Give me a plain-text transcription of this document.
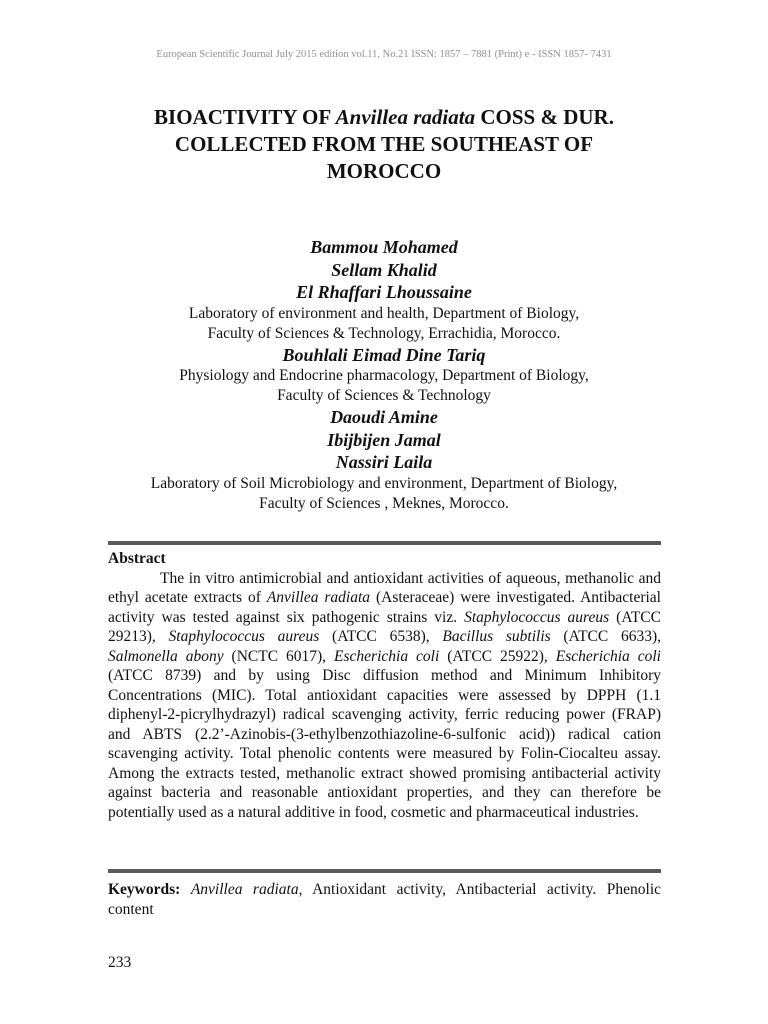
European Scientific Journal July 2015 edition vol.11, No.21 ISSN: 1857 – 7881 (Print) e - ISSN 1857- 7431
BIOACTIVITY OF Anvillea radiata COSS & DUR.
COLLECTED FROM THE SOUTHEAST OF
MOROCCO
Bammou Mohamed
Sellam Khalid
El Rhaffari Lhoussaine
Laboratory of environment and health, Department of Biology,
Faculty of Sciences & Technology, Errachidia, Morocco.
Bouhlali Eimad Dine Tariq
Physiology and Endocrine pharmacology, Department of Biology,
Faculty of Sciences & Technology
Daoudi Amine
Ibijbijen Jamal
Nassiri Laila
Laboratory of Soil Microbiology and environment, Department of Biology,
Faculty of Sciences , Meknes, Morocco.
Abstract

The in vitro antimicrobial and antioxidant activities of aqueous, methanolic and ethyl acetate extracts of Anvillea radiata (Asteraceae) were investigated. Antibacterial activity was tested against six pathogenic strains viz. Staphylococcus aureus (ATCC 29213), Staphylococcus aureus (ATCC 6538), Bacillus subtilis (ATCC 6633), Salmonella abony (NCTC 6017), Escherichia coli (ATCC 25922), Escherichia coli (ATCC 8739) and by using Disc diffusion method and Minimum Inhibitory Concentrations (MIC). Total antioxidant capacities were assessed by DPPH (1.1 diphenyl-2-picrylhydrazyl) radical scavenging activity, ferric reducing power (FRAP) and ABTS (2.2’-Azinobis-(3-ethylbenzothiazoline-6-sulfonic acid)) radical cation scavenging activity. Total phenolic contents were measured by Folin-Ciocalteu assay. Among the extracts tested, methanolic extract showed promising antibacterial activity against bacteria and reasonable antioxidant properties, and they can therefore be potentially used as a natural additive in food, cosmetic and pharmaceutical industries.

Keywords: Anvillea radiata, Antioxidant activity, Antibacterial activity. Phenolic content
233
